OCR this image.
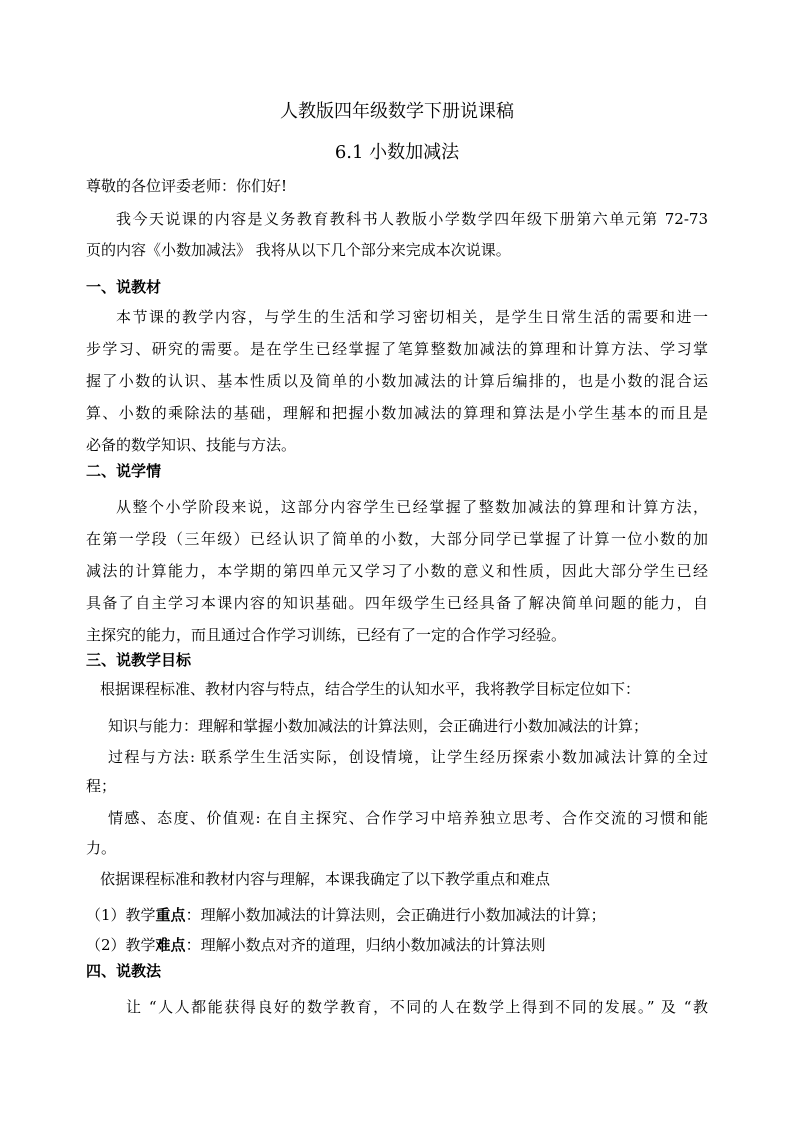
人教版四年级数学下册说课稿
6.1 小数加减法
尊敬的各位评委老师：你们好!
我今天说课的内容是义务教育教科书人教版小学数学四年级下册第六单元第 72-73
页的内容《小数加减法》 我将从以下几个部分来完成本次说课。
一、说教材
本节课的教学内容，与学生的生活和学习密切相关，是学生日常生活的需要和进一
步学习、研究的需要。是在学生已经掌握了笔算整数加减法的算理和计算方法、学习掌
握了小数的认识、基本性质以及简单的小数加减法的计算后编排的，也是小数的混合运
算、小数的乘除法的基础，理解和把握小数加减法的算理和算法是小学生基本的而且是
必备的数学知识、技能与方法。
二、说学情
从整个小学阶段来说，这部分内容学生已经掌握了整数加减法的算理和计算方法，
在第一学段（三年级）已经认识了简单的小数，大部分同学已掌握了计算一位小数的加
减法的计算能力，本学期的第四单元又学习了小数的意义和性质，因此大部分学生已经
具备了自主学习本课内容的知识基础。四年级学生已经具备了解决简单问题的能力，自
主探究的能力，而且通过合作学习训练，已经有了一定的合作学习经验。
三、说教学目标
根据课程标准、教材内容与特点，结合学生的认知水平，我将教学目标定位如下：
知识与能力：理解和掌握小数加减法的计算法则，会正确进行小数加减法的计算；
过程与方法: 联系学生生活实际，创设情境，让学生经历探索小数加减法计算的全过
程；
情感、态度、价值观: 在自主探究、合作学习中培养独立思考、合作交流的习惯和能
力。
依据课程标准和教材内容与理解，本课我确定了以下教学重点和难点
（1）教学重点：理解小数加减法的计算法则，会正确进行小数加减法的计算；
（2）教学难点：理解小数点对齐的道理，归纳小数加减法的计算法则
四、说教法
让 “人人都能获得良好的数学教育，不同的人在数学上得到不同的发展。” 及 “教
